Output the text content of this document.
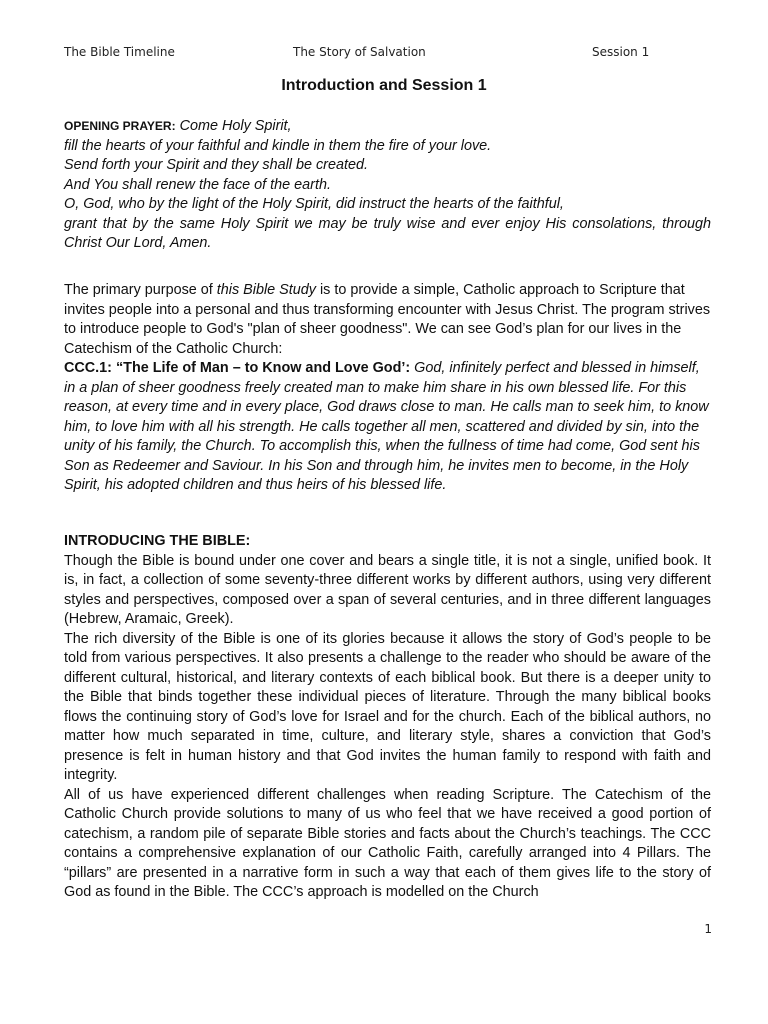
The Bible Timeline	The Story of Salvation	Session 1
Introduction and Session 1

OPENING PRAYER: Come Holy Spirit,

fill the hearts of your faithful and kindle in them the fire of your love.

Send forth your Spirit and they shall be created.

And You shall renew the face of the earth.

O, God, who by the light of the Holy Spirit, did instruct the hearts of the faithful,

grant that by the same Holy Spirit we may be truly wise and ever enjoy His consolations, through Christ Our Lord, Amen.

The primary purpose of this Bible Study is to provide a simple, Catholic approach to Scripture that invites people into a personal and thus transforming encounter with Jesus Christ. The program strives to introduce people to God's "plan of sheer goodness". We can see God’s plan for our lives in the Catechism of the Catholic Church:

CCC.1: “The Life of Man – to Know and Love God’: God, infinitely perfect and blessed in himself, in a plan of sheer goodness freely created man to make him share in his own blessed life. For this reason, at every time and in every place, God draws close to man. He calls man to seek him, to know him, to love him with all his strength. He calls together all men, scattered and divided by sin, into the unity of his family, the Church. To accomplish this, when the fullness of time had come, God sent his Son as Redeemer and Saviour. In his Son and through him, he invites men to become, in the Holy Spirit, his adopted children and thus heirs of his blessed life.

INTRODUCING THE BIBLE:

Though the Bible is bound under one cover and bears a single title, it is not a single, unified book. It is, in fact, a collection of some seventy-three different works by different authors, using very different styles and perspectives, composed over a span of several centuries, and in three different languages (Hebrew, Aramaic, Greek).

The rich diversity of the Bible is one of its glories because it allows the story of God’s people to be told from various perspectives. It also presents a challenge to the reader who should be aware of the different cultural, historical, and literary contexts of each biblical book. But there is a deeper unity to the Bible that binds together these individual pieces of literature. Through the many biblical books flows the continuing story of God’s love for Israel and for the church. Each of the biblical authors, no matter how much separated in time, culture, and literary style, shares a conviction that God’s presence is felt in human history and that God invites the human family to respond with faith and integrity.

All of us have experienced different challenges when reading Scripture. The Catechism of the Catholic Church provide solutions to many of us who feel that we have received a good portion of catechism, a random pile of separate Bible stories and facts about the Church’s teachings. The CCC contains a comprehensive explanation of our Catholic Faith, carefully arranged into 4 Pillars. The “pillars” are presented in a narrative form in such a way that each of them gives life to the story of God as found in the Bible. The CCC’s approach is modelled on the Church

1
